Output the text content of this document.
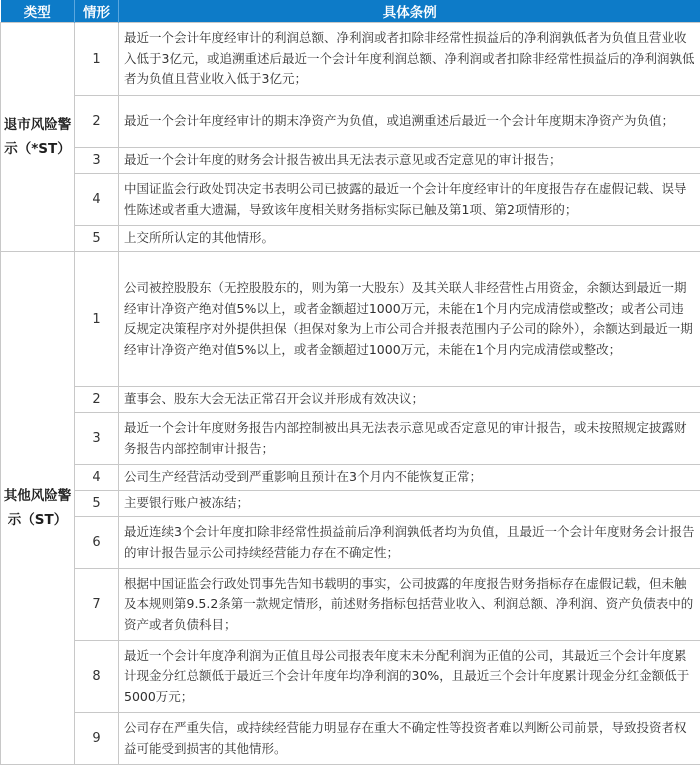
类型	情形	具体条例
退市风险警示（*ST）	1	最近一个会计年度经审计的利润总额、净利润或者扣除非经常性损益后的净利润孰低者为负值且营业收入低于3亿元，或追溯重述后最近一个会计年度利润总额、净利润或者扣除非经常性损益后的净利润孰低者为负值且营业收入低于3亿元；
	2	最近一个会计年度经审计的期末净资产为负值，或追溯重述后最近一个会计年度期末净资产为负值；
	3	最近一个会计年度的财务会计报告被出具无法表示意见或否定意见的审计报告；
	4	中国证监会行政处罚决定书表明公司已披露的最近一个会计年度经审计的年度报告存在虚假记载、误导性陈述或者重大遗漏，导致该年度相关财务指标实际已触及第1项、第2项情形的；
	5	上交所所认定的其他情形。
其他风险警示（ST）	1	公司被控股股东（无控股股东的，则为第一大股东）及其关联人非经营性占用资金，余额达到最近一期经审计净资产绝对值5%以上，或者金额超过1000万元，未能在1个月内完成清偿或整改；或者公司违反规定决策程序对外提供担保（担保对象为上市公司合并报表范围内子公司的除外），余额达到最近一期经审计净资产绝对值5%以上，或者金额超过1000万元，未能在1个月内完成清偿或整改；
	2	董事会、股东大会无法正常召开会议并形成有效决议；
	3	最近一个会计年度财务报告内部控制被出具无法表示意见或否定意见的审计报告，或未按照规定披露财务报告内部控制审计报告；
	4	公司生产经营活动受到严重影响且预计在3个月内不能恢复正常；
	5	主要银行账户被冻结；
	6	最近连续3个会计年度扣除非经常性损益前后净利润孰低者均为负值，且最近一个会计年度财务会计报告的审计报告显示公司持续经营能力存在不确定性；
	7	根据中国证监会行政处罚事先告知书载明的事实，公司披露的年度报告财务指标存在虚假记载，但未触及本规则第9.5.2条第一款规定情形，前述财务指标包括营业收入、利润总额、净利润、资产负债表中的资产或者负债科目；
	8	最近一个会计年度净利润为正值且母公司报表年度末未分配利润为正值的公司，其最近三个会计年度累计现金分红总额低于最近三个会计年度年均净利润的30%，且最近三个会计年度累计现金分红金额低于5000万元；
	9	公司存在严重失信，或持续经营能力明显存在重大不确定性等投资者难以判断公司前景，导致投资者权益可能受到损害的其他情形。
